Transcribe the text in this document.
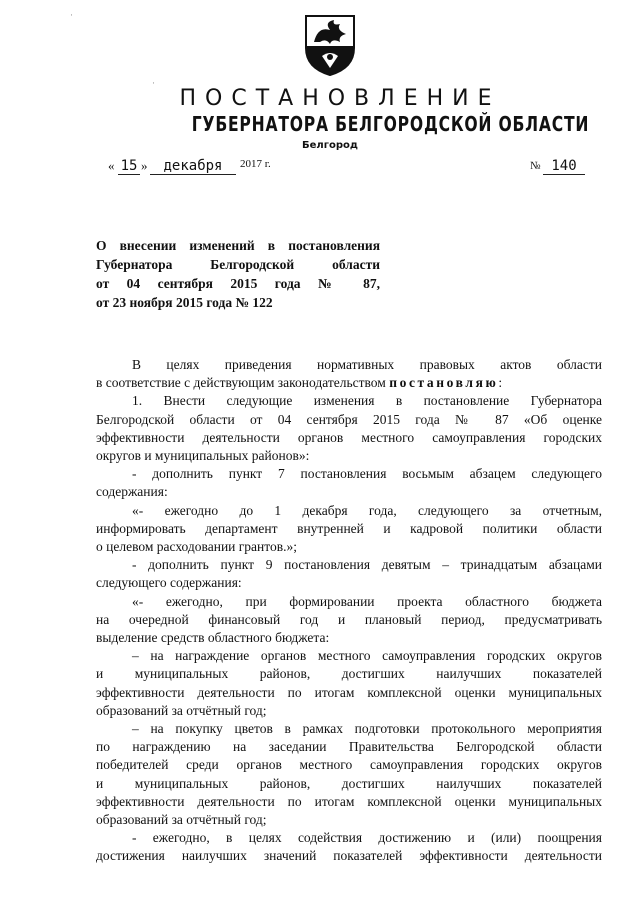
ПОСТАНОВЛЕНИЕ
ГУБЕРНАТОРА БЕЛГОРОДСКОЙ ОБЛАСТИ
Белгород
« 15 »	декабря	2017 г.	№ 140
О внесении изменений в постановления
Губернатора Белгородской области
от 04 сентября 2015 года № 87,
от 23 ноября 2015 года № 122
В целях приведения нормативных правовых актов области
в соответствие с действующим законодательством постановляю:
1. Внести следующие изменения в постановление Губернатора
Белгородской области от 04 сентября 2015 года № 87 «Об оценке
эффективности деятельности органов местного самоуправления городских
округов и муниципальных районов»:
- дополнить пункт 7 постановления восьмым абзацем следующего
содержания:
«- ежегодно до 1 декабря года, следующего за отчетным,
информировать департамент внутренней и кадровой политики области
о целевом расходовании грантов.»;
- дополнить пункт 9 постановления девятым – тринадцатым абзацами
следующего содержания:
«- ежегодно, при формировании проекта областного бюджета
на очередной финансовый год и плановый период, предусматривать
выделение средств областного бюджета:
– на награждение органов местного самоуправления городских округов
и муниципальных районов, достигших наилучших показателей
эффективности деятельности по итогам комплексной оценки муниципальных
образований за отчётный год;
– на покупку цветов в рамках подготовки протокольного мероприятия
по награждению на заседании Правительства Белгородской области
победителей среди органов местного самоуправления городских округов
и муниципальных районов, достигших наилучших показателей
эффективности деятельности по итогам комплексной оценки муниципальных
образований за отчётный год;
- ежегодно, в целях содействия достижению и (или) поощрения
достижения наилучших значений показателей эффективности деятельности
·
·
